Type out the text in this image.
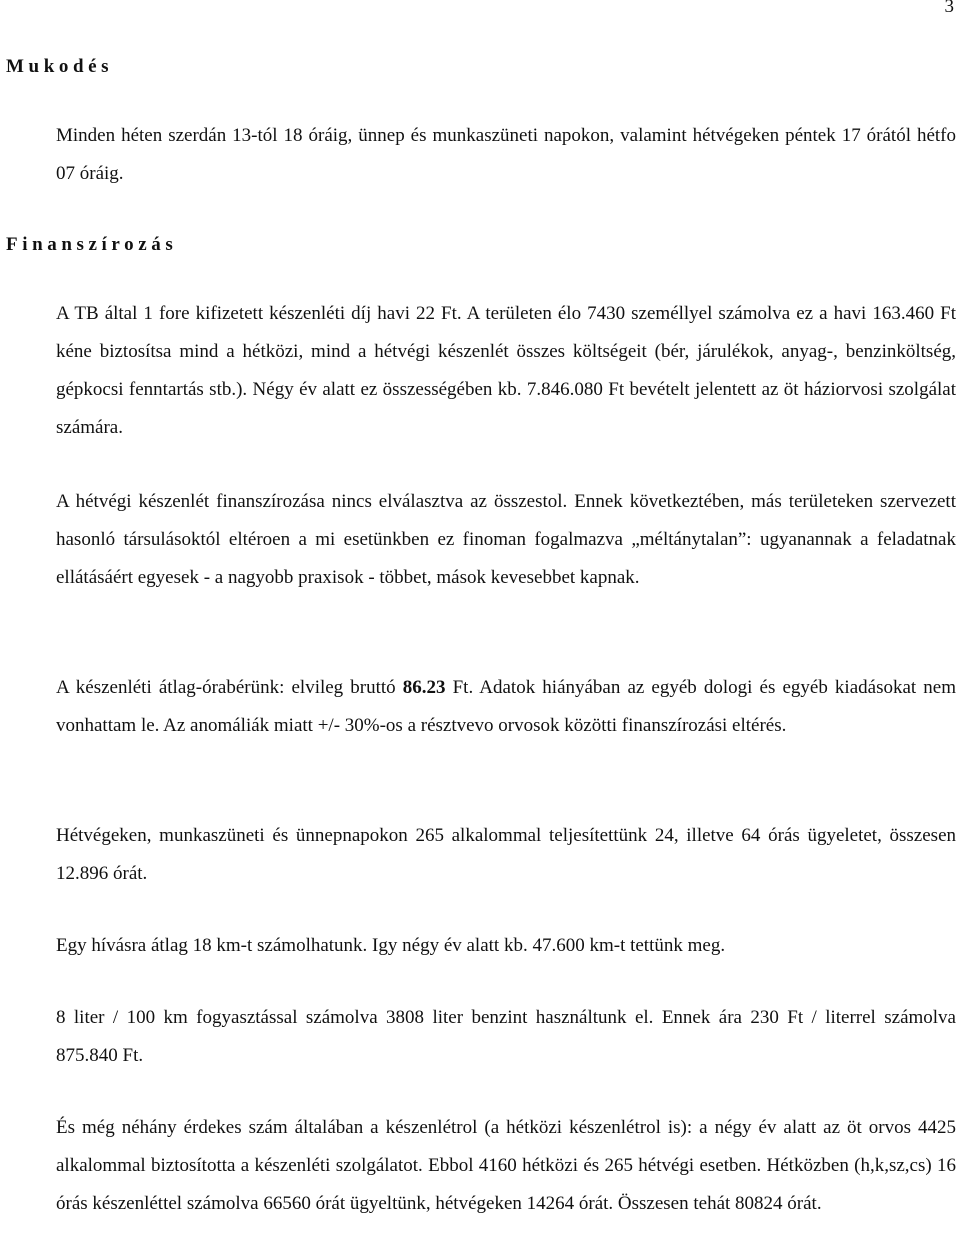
3
Mukodés

Minden héten szerdán 13-tól 18 óráig, ünnep és munkaszüneti napokon, valamint hétvégeken péntek 17 órától hétfo 07 óráig.

Finanszírozás

A TB által 1 fore kifizetett készenléti díj havi 22 Ft. A területen élo 7430 személlyel számolva ez a havi 163.460 Ft kéne biztosítsa mind a hétközi, mind a hétvégi készenlét összes költségeit (bér, járulékok, anyag-, benzinköltség, gépkocsi fenntartás stb.). Négy év alatt ez összességében kb. 7.846.080 Ft bevételt jelentett az öt háziorvosi szolgálat számára.

A hétvégi készenlét finanszírozása nincs elválasztva az összestol. Ennek következtében, más területeken szervezett hasonló társulásoktól eltéroen a mi esetünkben ez finoman fogalmazva „méltánytalan”: ugyanannak a feladatnak ellátásáért egyesek - a nagyobb praxisok - többet, mások kevesebbet kapnak.

A készenléti átlag-órabérünk: elvileg bruttó 86.23 Ft. Adatok hiányában az egyéb dologi és egyéb kiadásokat nem vonhattam le. Az anomáliák miatt +/- 30%-os a résztvevo orvosok közötti finanszírozási eltérés.

Hétvégeken, munkaszüneti és ünnepnapokon 265 alkalommal teljesítettünk 24, illetve 64 órás ügyeletet, összesen 12.896 órát.

Egy hívásra átlag 18 km-t számolhatunk. Igy négy év alatt kb. 47.600 km-t tettünk meg.

8 liter / 100 km fogyasztással számolva 3808 liter benzint használtunk el. Ennek ára 230 Ft / literrel számolva 875.840 Ft.

És még néhány érdekes szám általában a készenlétrol (a hétközi készenlétrol is): a négy év alatt az öt orvos 4425 alkalommal biztosította a készenléti szolgálatot. Ebbol 4160 hétközi és 265 hétvégi esetben. Hétközben (h,k,sz,cs) 16 órás készenléttel számolva 66560 órát ügyeltünk, hétvégeken 14264 órát. Összesen tehát 80824 órát.
